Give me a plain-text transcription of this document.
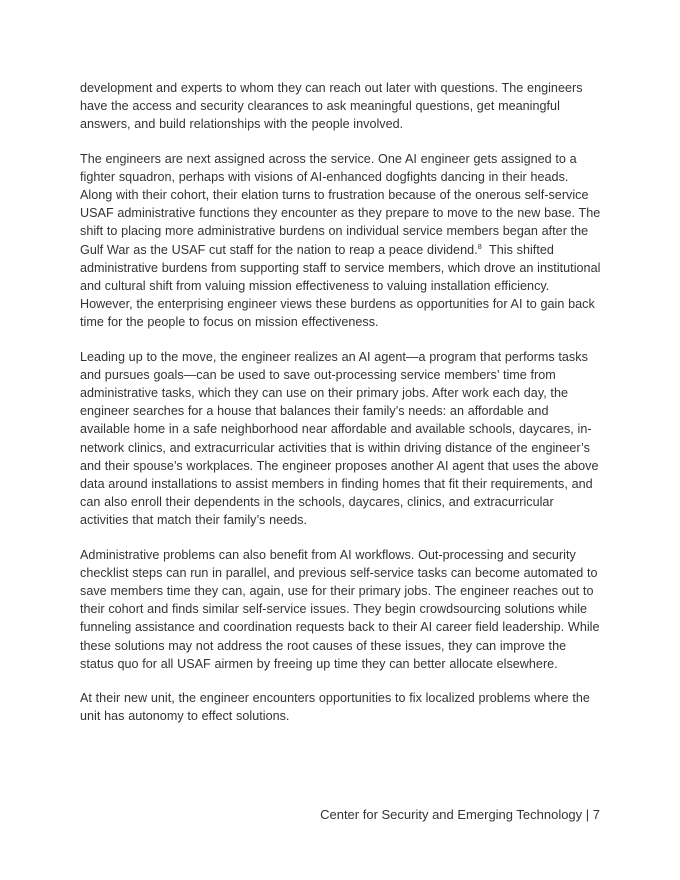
development and experts to whom they can reach out later with questions. The engineers have the access and security clearances to ask meaningful questions, get meaningful answers, and build relationships with the people involved.

The engineers are next assigned across the service. One AI engineer gets assigned to a fighter squadron, perhaps with visions of AI-enhanced dogfights dancing in their heads. Along with their cohort, their elation turns to frustration because of the onerous self-service USAF administrative functions they encounter as they prepare to move to the new base. The shift to placing more administrative burdens on individual service members began after the Gulf War as the USAF cut staff for the nation to reap a peace dividend.$^8$  This shifted administrative burdens from supporting staff to service members, which drove an institutional and cultural shift from valuing mission effectiveness to valuing installation efficiency. However, the enterprising engineer views these burdens as opportunities for AI to gain back time for the people to focus on mission effectiveness.

Leading up to the move, the engineer realizes an AI agent—a program that performs tasks and pursues goals—can be used to save out-processing service members’ time from administrative tasks, which they can use on their primary jobs. After work each day, the engineer searches for a house that balances their family’s needs: an affordable and available home in a safe neighborhood near affordable and available schools, daycares, in-network clinics, and extracurricular activities that is within driving distance of the engineer’s and their spouse’s workplaces. The engineer proposes another AI agent that uses the above data around installations to assist members in finding homes that fit their requirements, and can also enroll their dependents in the schools, daycares, clinics, and extracurricular activities that match their family’s needs.

Administrative problems can also benefit from AI workflows. Out-processing and security checklist steps can run in parallel, and previous self-service tasks can become automated to save members time they can, again, use for their primary jobs. The engineer reaches out to their cohort and finds similar self-service issues. They begin crowdsourcing solutions while funneling assistance and coordination requests back to their AI career field leadership. While these solutions may not address the root causes of these issues, they can improve the status quo for all USAF airmen by freeing up time they can better allocate elsewhere.

At their new unit, the engineer encounters opportunities to fix localized problems where the unit has autonomy to effect solutions.

Center for Security and Emerging Technology | 7
